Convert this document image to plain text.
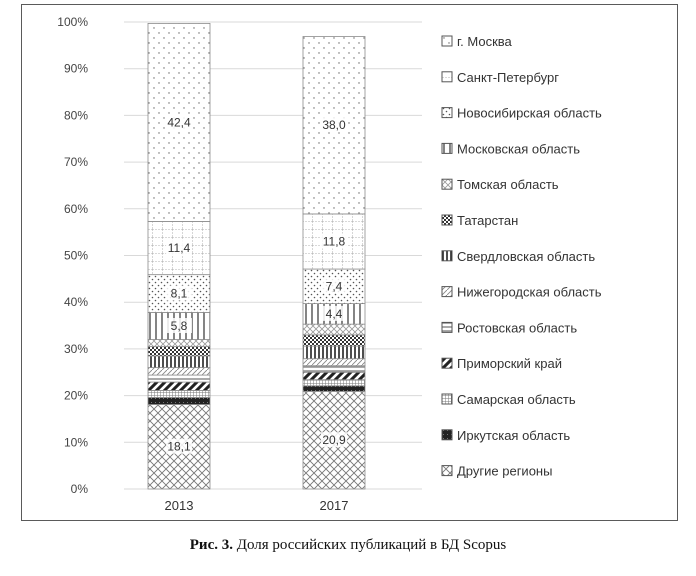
0%
10%
20%
30%
40%
50%
60%
70%
80%
90%
100%
18,1
5,8
8,1
11,4
42,4
20,9
4,4
7,4
11,8
38,0
2013	2017
г. Москва
Санкт-Петербург
Новосибирская область
Московская область
Томская область
Татарстан
Свердловская область
Нижегородская область
Ростовская область
Приморский край
Самарская область
Иркутская область
Другие регионы
Рис. 3. Доля российских публикаций в БД Scopus
